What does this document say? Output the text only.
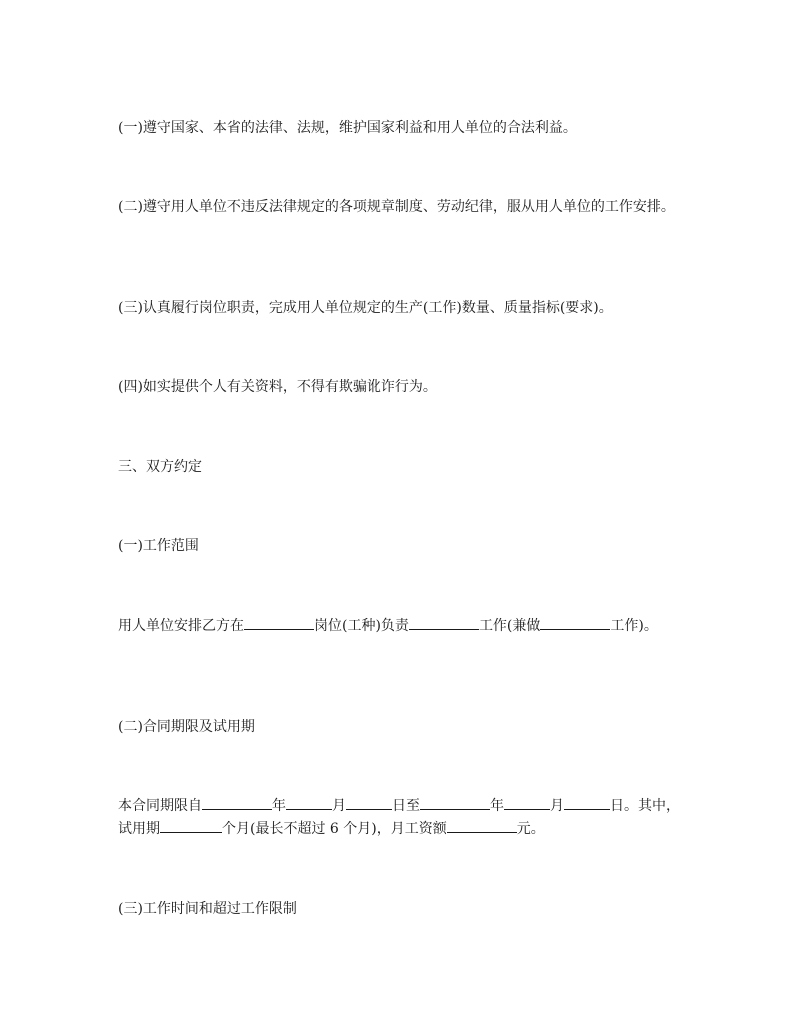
(一)遵守国家、本省的法律、法规，维护国家利益和用人单位的合法利益。
(二)遵守用人单位不违反法律规定的各项规章制度、劳动纪律，服从用人单位的工作安排。
(三)认真履行岗位职责，完成用人单位规定的生产(工作)数量、质量指标(要求)。
(四)如实提供个人有关资料，不得有欺骗讹诈行为。
三、双方约定
(一)工作范围
用人单位安排乙方在	岗位(工种)负责	工作(兼做	工作)。
(二)合同期限及试用期
本合同期限自	年	月	日至	年	月	日。其中，试用期	个月(最长不超过 6 个月)，月工资额	元。
(三)工作时间和超过工作限制
